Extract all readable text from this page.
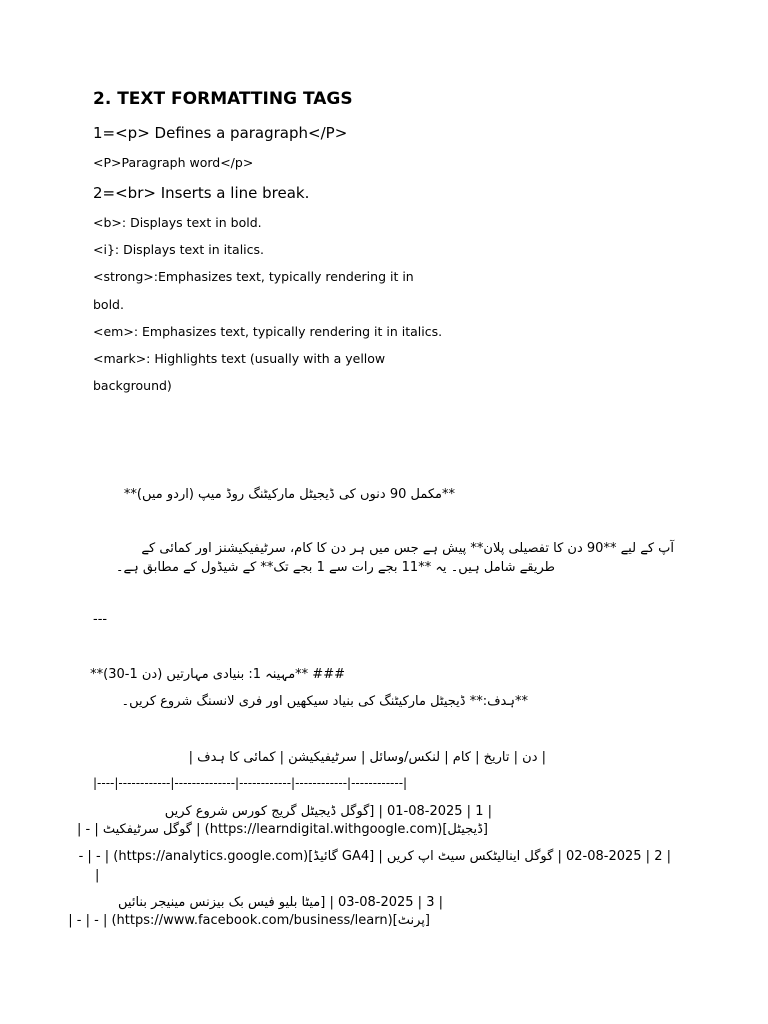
2. TEXT FORMATTING TAGS
1=<p> Defines a paragraph</P>
<P>Paragraph word</p>
2=<br> Inserts a line break.
<b>: Displays text in bold.
<i}: Displays text in italics.
<strong>:Emphasizes text, typically rendering it in
bold.
<em>: Emphasizes text, typically rendering it in italics.
<mark>: Highlights text (usually with a yellow
background)
**مکمل 90 دنوں کی ڈیجیٹل مارکیٹنگ روڈ میپ (اردو میں)**
آپ کے لیے **90 دن کا تفصیلی پلان** پیش ہے جس میں ہر دن کا کام، سرٹیفیکیشنز اور کمائی کے
طریقے شامل ہیں۔ یہ **11 بجے رات سے 1 بجے تک** کے شیڈول کے مطابق ہے۔
---
### **مہینہ 1: بنیادی مہارتیں (دن 1-30)**
**ہدف:** ڈیجیٹل مارکیٹنگ کی بنیاد سیکھیں اور فری لانسنگ شروع کریں۔
| دن | تاریخ | کام | لنکس/وسائل | سرٹیفیکیشن | کمائی کا ہدف |
|----|------------|--------------|------------|------------|------------|
| 1 | 01-08-2025 | [گوگل ڈیجیٹل گریج کورس شروع کریں
[ڈیجیٹل](https://learndigital.withgoogle.com) | گوگل سرٹیفکیٹ | - |
| 2 | 02-08-2025 | گوگل اینالیٹکس سیٹ اپ کریں | [GA4 گائیڈ](https://analytics.google.com) | - | -
|
| 3 | 03-08-2025 | [میٹا بلیو فیس بک بیزنس مینیجر بنائیں
[پرنٹ](https://www.facebook.com/business/learn) | - | - |
